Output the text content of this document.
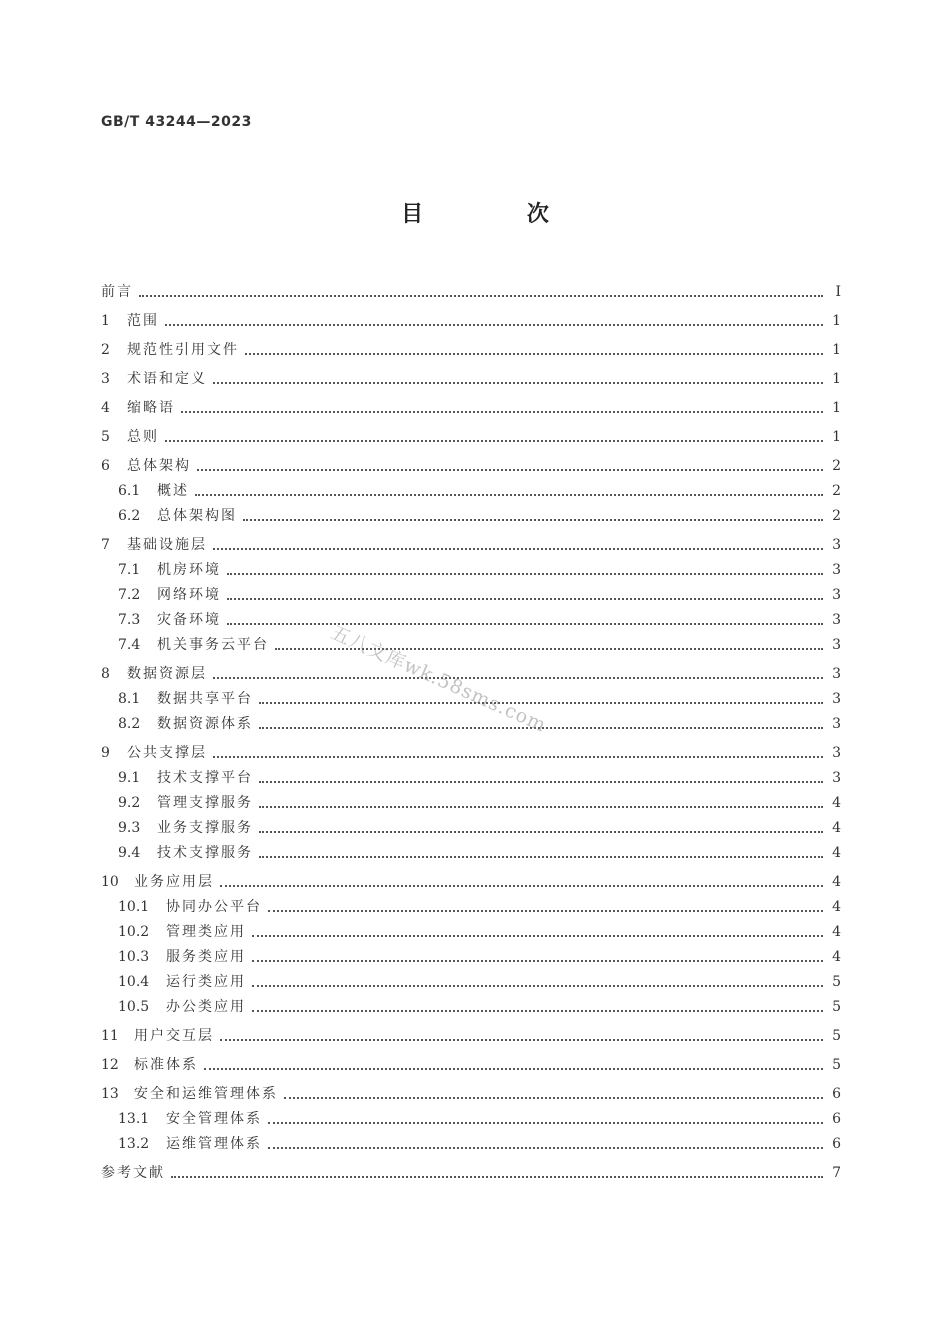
GB/T 43244—2023
目 次
前言	Ⅰ
1	范围	1
2	规范性引用文件	1
3	术语和定义	1
4	缩略语	1
5	总则	1
6	总体架构	2
6.1	概述	2
6.2	总体架构图	2
7	基础设施层	3
7.1	机房环境	3
7.2	网络环境	3
7.3	灾备环境	3
7.4	机关事务云平台	3
8	数据资源层	3
8.1	数据共享平台	3
8.2	数据资源体系	3
9	公共支撑层	3
9.1	技术支撑平台	3
9.2	管理支撑服务	4
9.3	业务支撑服务	4
9.4	技术支撑服务	4
10	业务应用层	4
10.1	协同办公平台	4
10.2	管理类应用	4
10.3	服务类应用	4
10.4	运行类应用	5
10.5	办公类应用	5
11	用户交互层	5
12	标准体系	5
13	安全和运维管理体系	6
13.1	安全管理体系	6
13.2	运维管理体系	6
参考文献	7
五八文库wk.58sms.com
